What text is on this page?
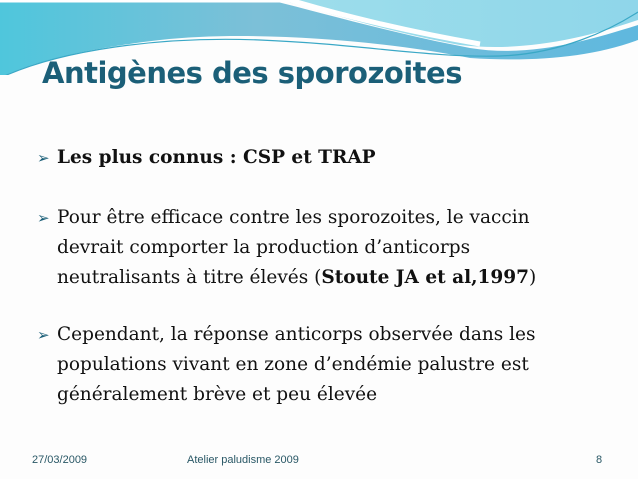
Antigènes des sporozoites
➢ Les plus connus : CSP et TRAP
➢ Pour être efficace contre les sporozoites, le vaccin devrait comporter la production d’anticorps neutralisants à titre élevés (Stoute JA et al,1997)
➢ Cependant, la réponse anticorps observée dans les populations vivant en zone d’endémie palustre est généralement brève et peu élevée
27/03/2009	Atelier paludisme 2009	8
